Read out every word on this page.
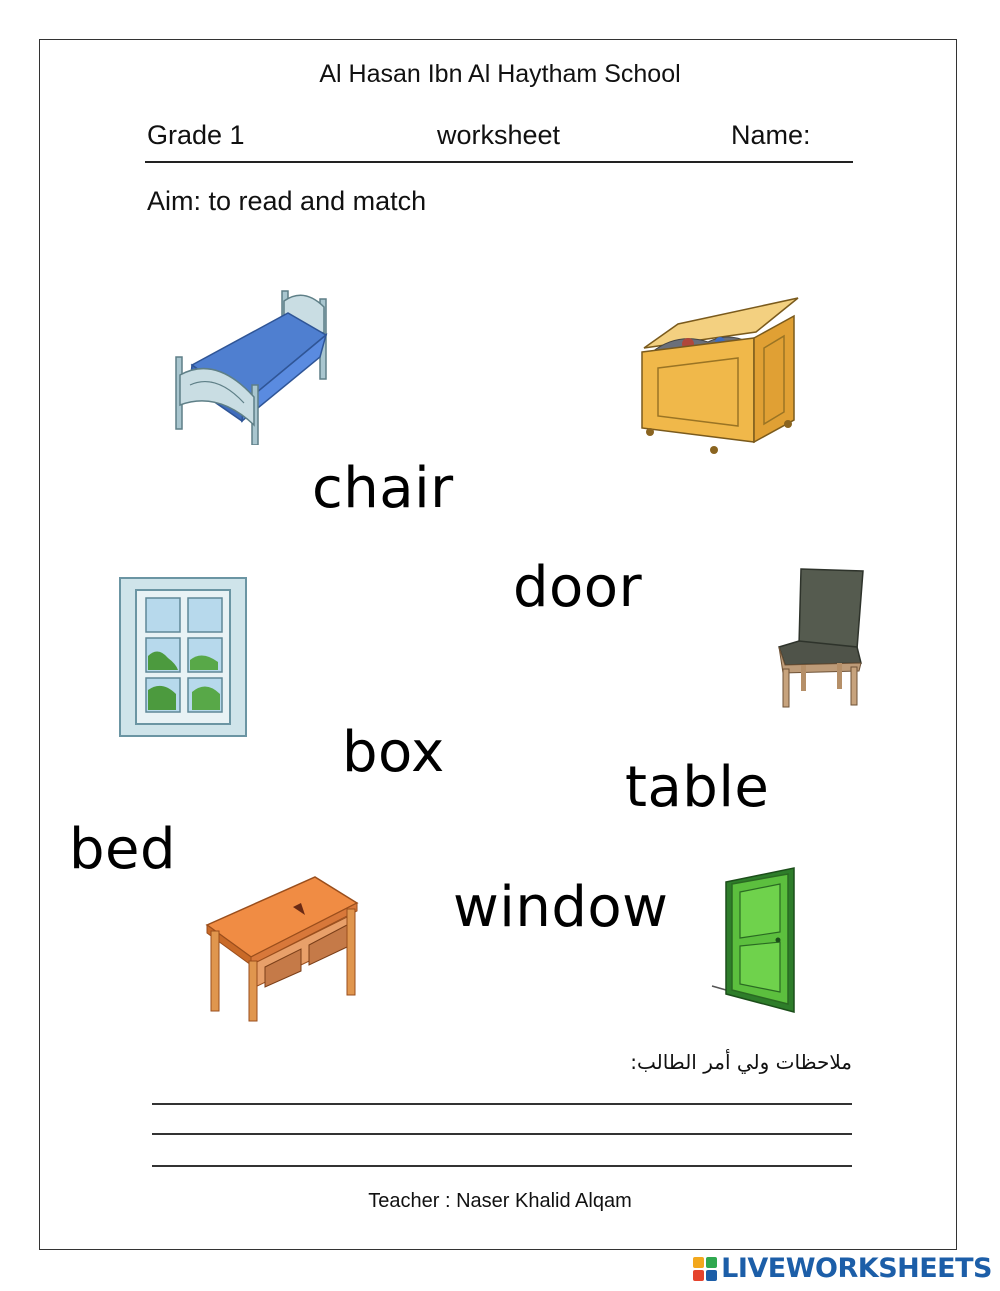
Al Hasan Ibn Al Haytham School
Grade 1	worksheet	Name:
Aim: to read and match
chair
door
box
table
bed
window
ملاحظات ولي أمر الطالب:
Teacher : Naser Khalid Alqam
LIVEWORKSHEETS
